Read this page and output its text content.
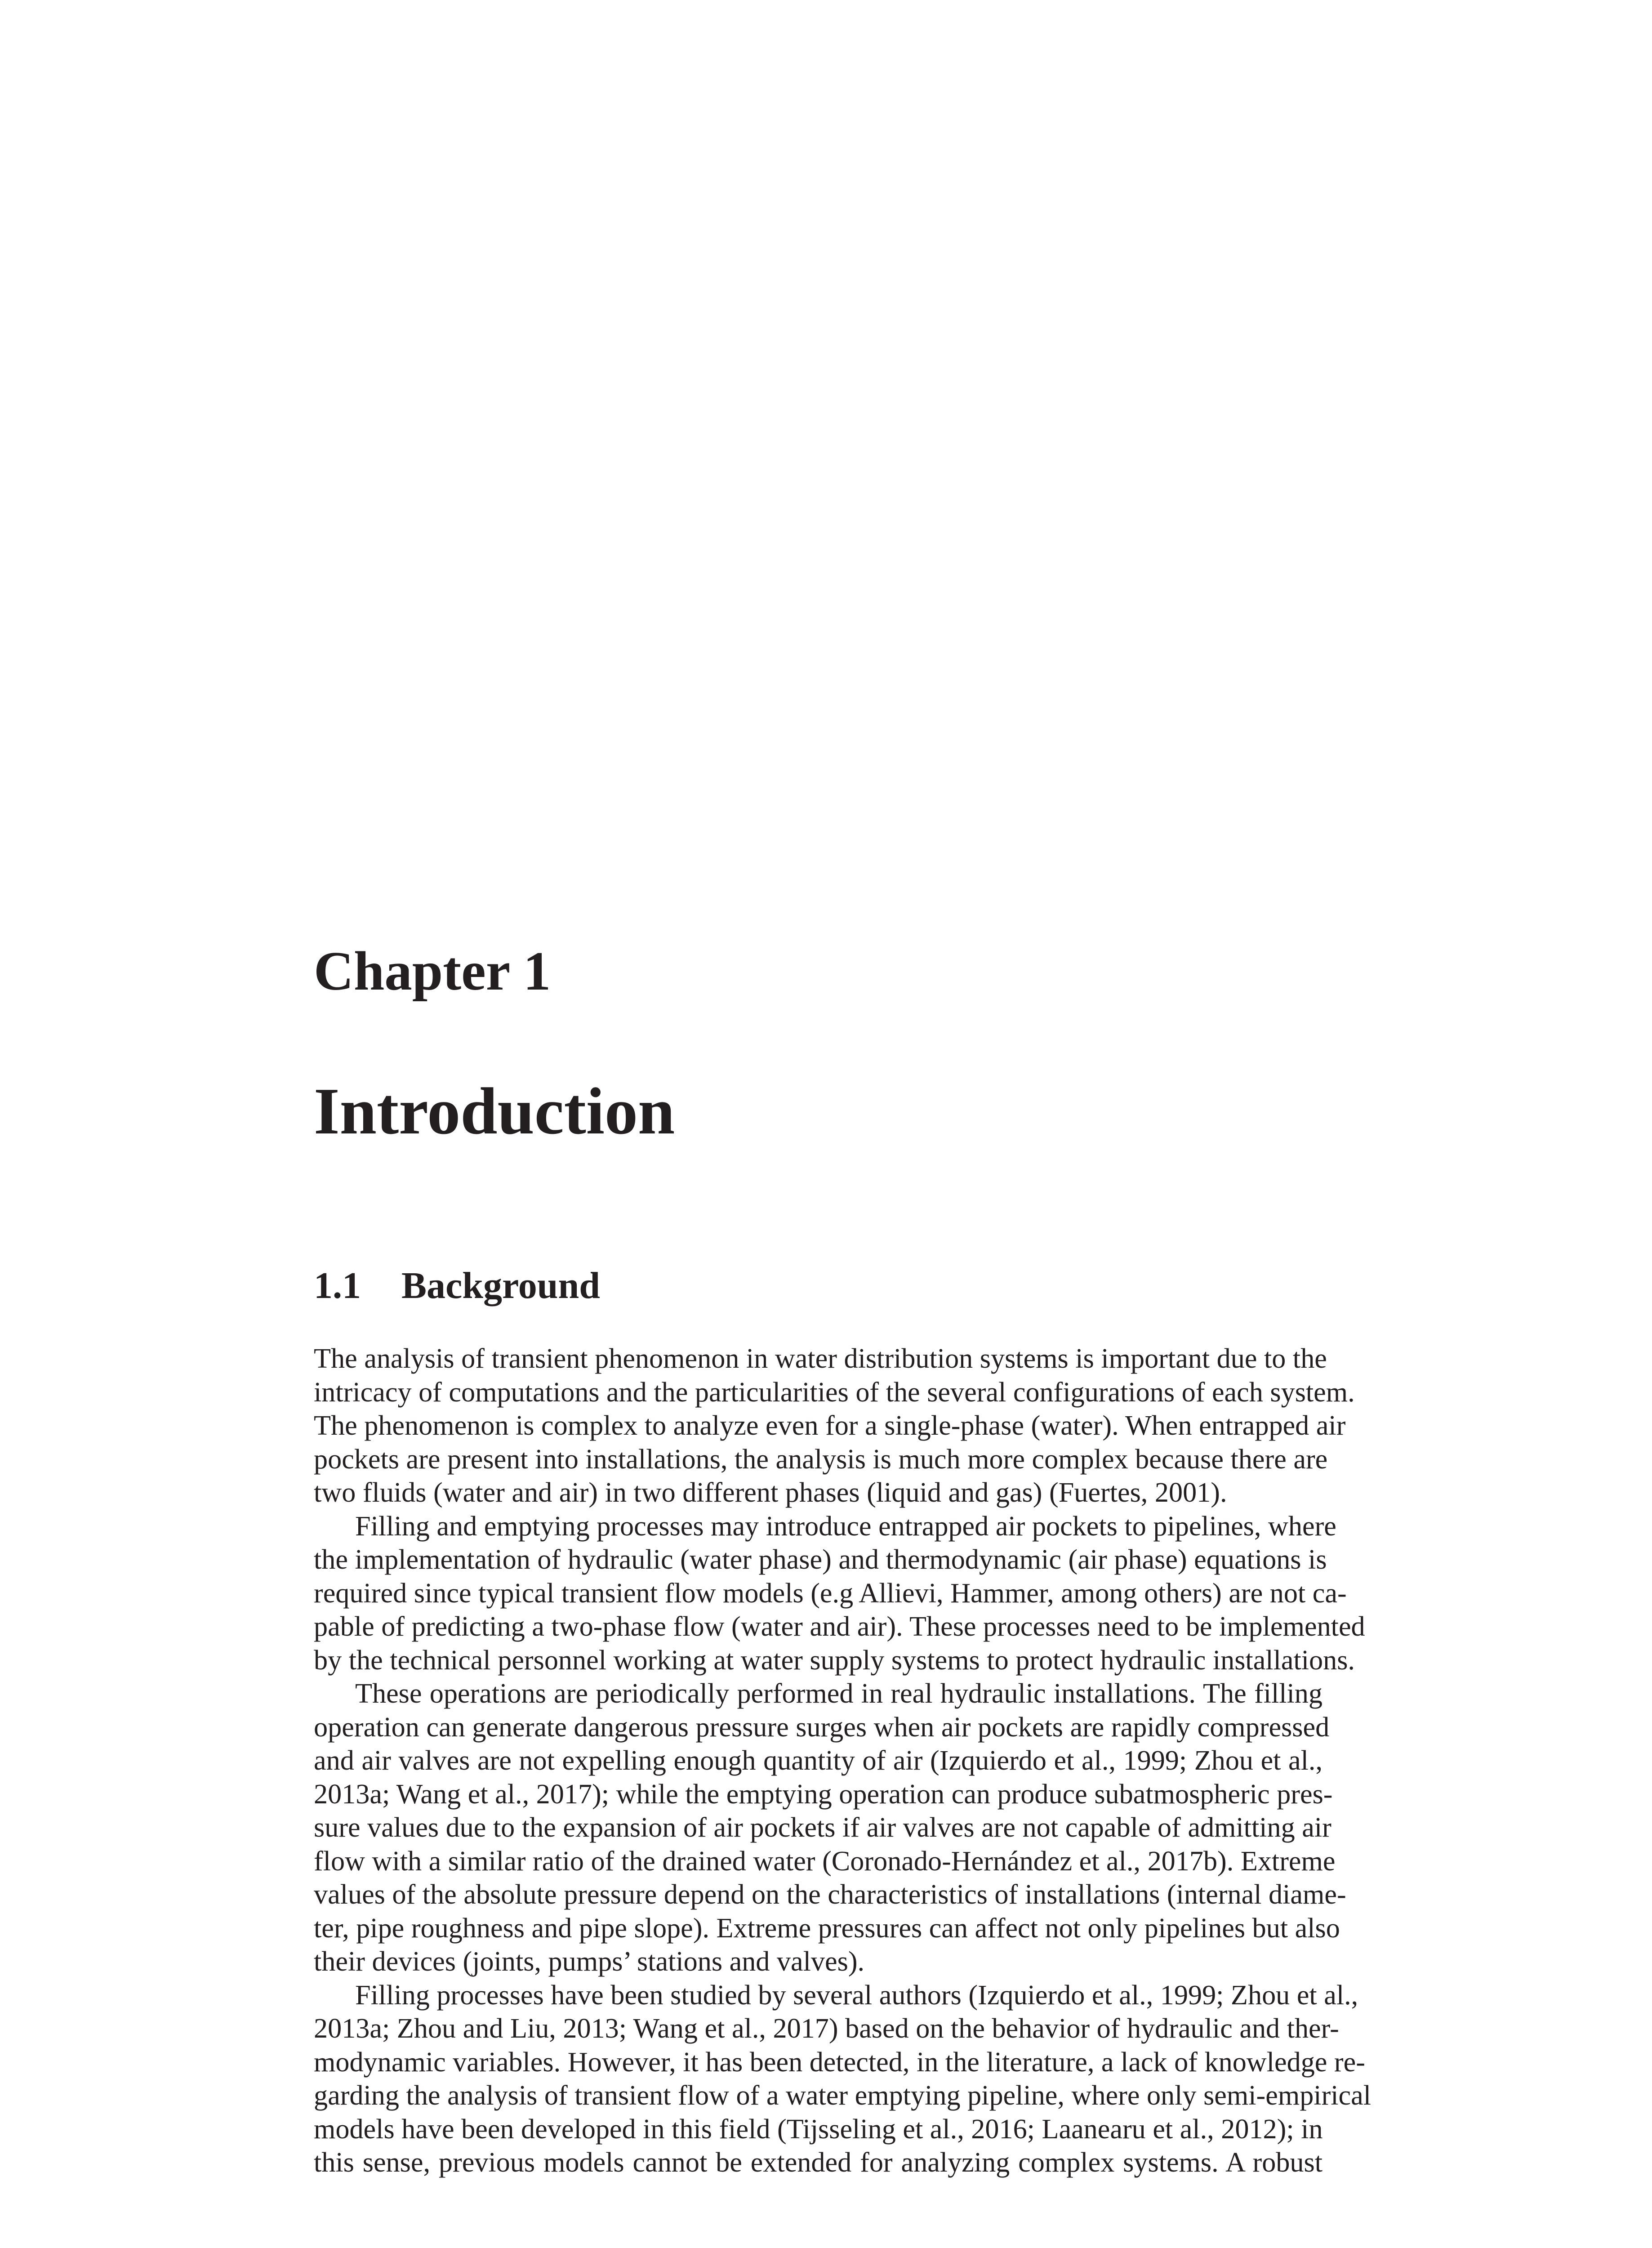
Chapter 1
Introduction
1.1 Background

The analysis of transient phenomenon in water distribution systems is important due to the
intricacy of computations and the particularities of the several configurations of each system.
The phenomenon is complex to analyze even for a single-phase (water). When entrapped air
pockets are present into installations, the analysis is much more complex because there are
two fluids (water and air) in two different phases (liquid and gas) (Fuertes, 2001).

Filling and emptying processes may introduce entrapped air pockets to pipelines, where
the implementation of hydraulic (water phase) and thermodynamic (air phase) equations is
required since typical transient flow models (e.g Allievi, Hammer, among others) are not ca-
pable of predicting a two-phase flow (water and air). These processes need to be implemented
by the technical personnel working at water supply systems to protect hydraulic installations.

These operations are periodically performed in real hydraulic installations. The filling
operation can generate dangerous pressure surges when air pockets are rapidly compressed
and air valves are not expelling enough quantity of air (Izquierdo et al., 1999; Zhou et al.,
2013a; Wang et al., 2017); while the emptying operation can produce subatmospheric pres-
sure values due to the expansion of air pockets if air valves are not capable of admitting air
flow with a similar ratio of the drained water (Coronado-Hernández et al., 2017b). Extreme
values of the absolute pressure depend on the characteristics of installations (internal diame-
ter, pipe roughness and pipe slope). Extreme pressures can affect not only pipelines but also
their devices (joints, pumps’ stations and valves).

Filling processes have been studied by several authors (Izquierdo et al., 1999; Zhou et al.,
2013a; Zhou and Liu, 2013; Wang et al., 2017) based on the behavior of hydraulic and ther-
modynamic variables. However, it has been detected, in the literature, a lack of knowledge re-
garding the analysis of transient flow of a water emptying pipeline, where only semi-empirical
models have been developed in this field (Tijsseling et al., 2016; Laanearu et al., 2012); in
this sense, previous models cannot be extended for analyzing complex systems. A robust
